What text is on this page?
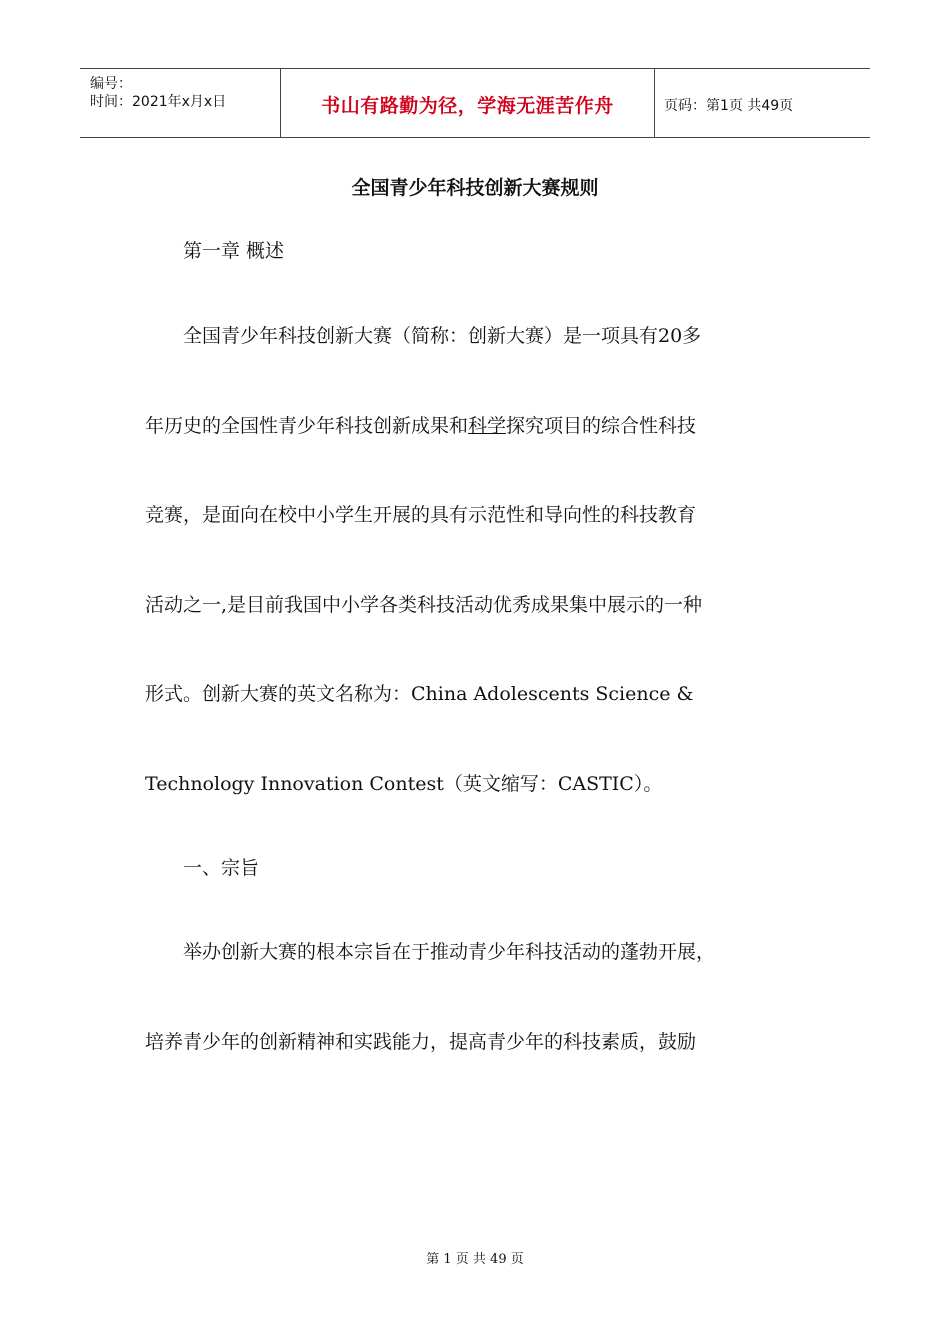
编号：
时间：2021年x月x日	书山有路勤为径，学海无涯苦作舟	页码：第1页 共49页
全国青少年科技创新大赛规则
第一章 概述
全国青少年科技创新大赛（简称：创新大赛）是一项具有20多
年历史的全国性青少年科技创新成果和科学探究项目的综合性科技
竞赛，是面向在校中小学生开展的具有示范性和导向性的科技教育
活动之一,是目前我国中小学各类科技活动优秀成果集中展示的一种
形式。创新大赛的英文名称为：China Adolescents Science &
Technology Innovation Contest（英文缩写：CASTIC）。
一、宗旨
举办创新大赛的根本宗旨在于推动青少年科技活动的蓬勃开展，
培养青少年的创新精神和实践能力，提高青少年的科技素质，鼓励
第 1 页 共 49 页
